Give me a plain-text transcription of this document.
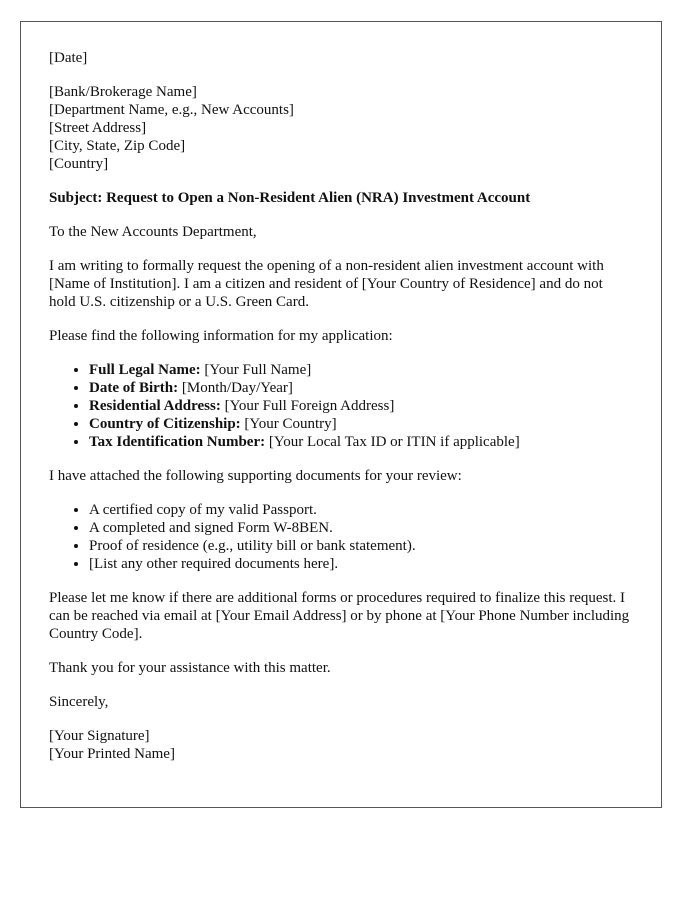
[Date]

[Bank/Brokerage Name]
[Department Name, e.g., New Accounts]
[Street Address]
[City, State, Zip Code]
[Country]

Subject: Request to Open a Non-Resident Alien (NRA) Investment Account

To the New Accounts Department,

I am writing to formally request the opening of a non-resident alien investment account with [Name of Institution]. I am a citizen and resident of [Your Country of Residence] and do not hold U.S. citizenship or a U.S. Green Card.

Please find the following information for my application:

• Full Legal Name: [Your Full Name]
• Date of Birth: [Month/Day/Year]
• Residential Address: [Your Full Foreign Address]
• Country of Citizenship: [Your Country]
• Tax Identification Number: [Your Local Tax ID or ITIN if applicable]

I have attached the following supporting documents for your review:

• A certified copy of my valid Passport.
• A completed and signed Form W-8BEN.
• Proof of residence (e.g., utility bill or bank statement).
• [List any other required documents here].

Please let me know if there are additional forms or procedures required to finalize this request. I can be reached via email at [Your Email Address] or by phone at [Your Phone Number including Country Code].

Thank you for your assistance with this matter.

Sincerely,

[Your Signature]
[Your Printed Name]
